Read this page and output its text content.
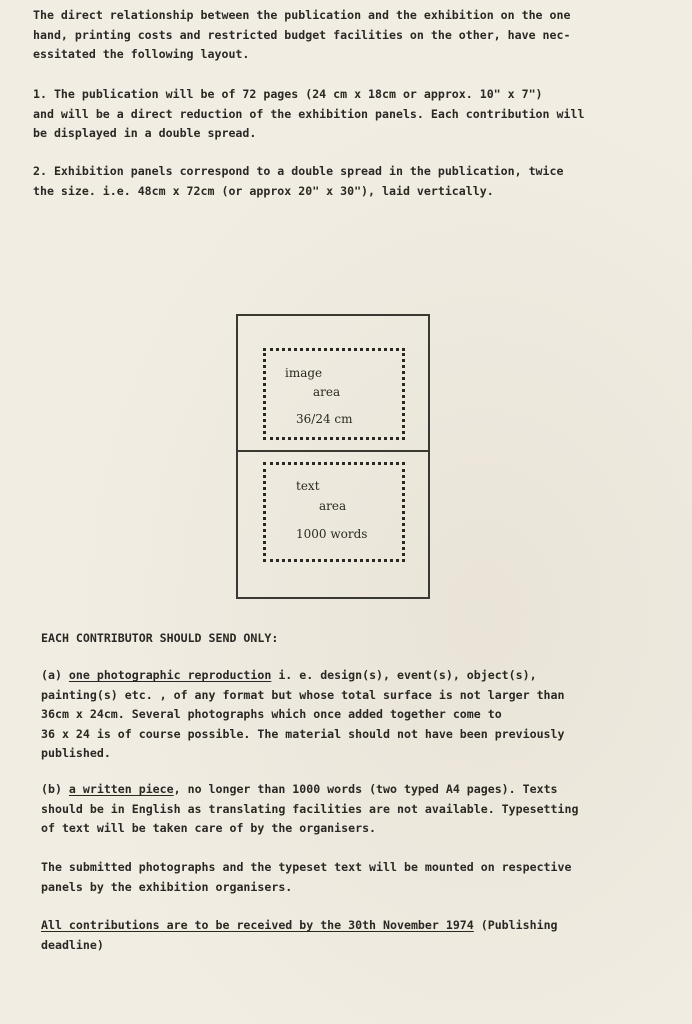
The direct relationship between the publication and the exhibition on the one
hand, printing costs and restricted budget facilities on the other, have nec-
essitated the following layout.
1. The publication will be of 72 pages (24 cm x 18cm or approx. 10" x 7")
and will be a direct reduction of the exhibition panels. Each contribution will
be displayed in a double spread.
2. Exhibition panels correspond to a double spread in the publication, twice
the size. i.e. 48cm x 72cm (or approx 20" x 30"), laid vertically.
image
area
36/24 cm
text
area
1000 words
EACH CONTRIBUTOR SHOULD SEND ONLY:
(a) one photographic reproduction i. e. design(s), event(s), object(s),
painting(s) etc. , of any format but whose total surface is not larger than
36cm x 24cm. Several photographs which once added together come to
36 x 24 is of course possible. The material should not have been previously
published.
(b) a written piece, no longer than 1000 words (two typed A4 pages). Texts
should be in English as translating facilities are not available. Typesetting
of text will be taken care of by the organisers.
The submitted photographs and the typeset text will be mounted on respective
panels by the exhibition organisers.
All contributions are to be received by the 30th November 1974 (Publishing
deadline)
